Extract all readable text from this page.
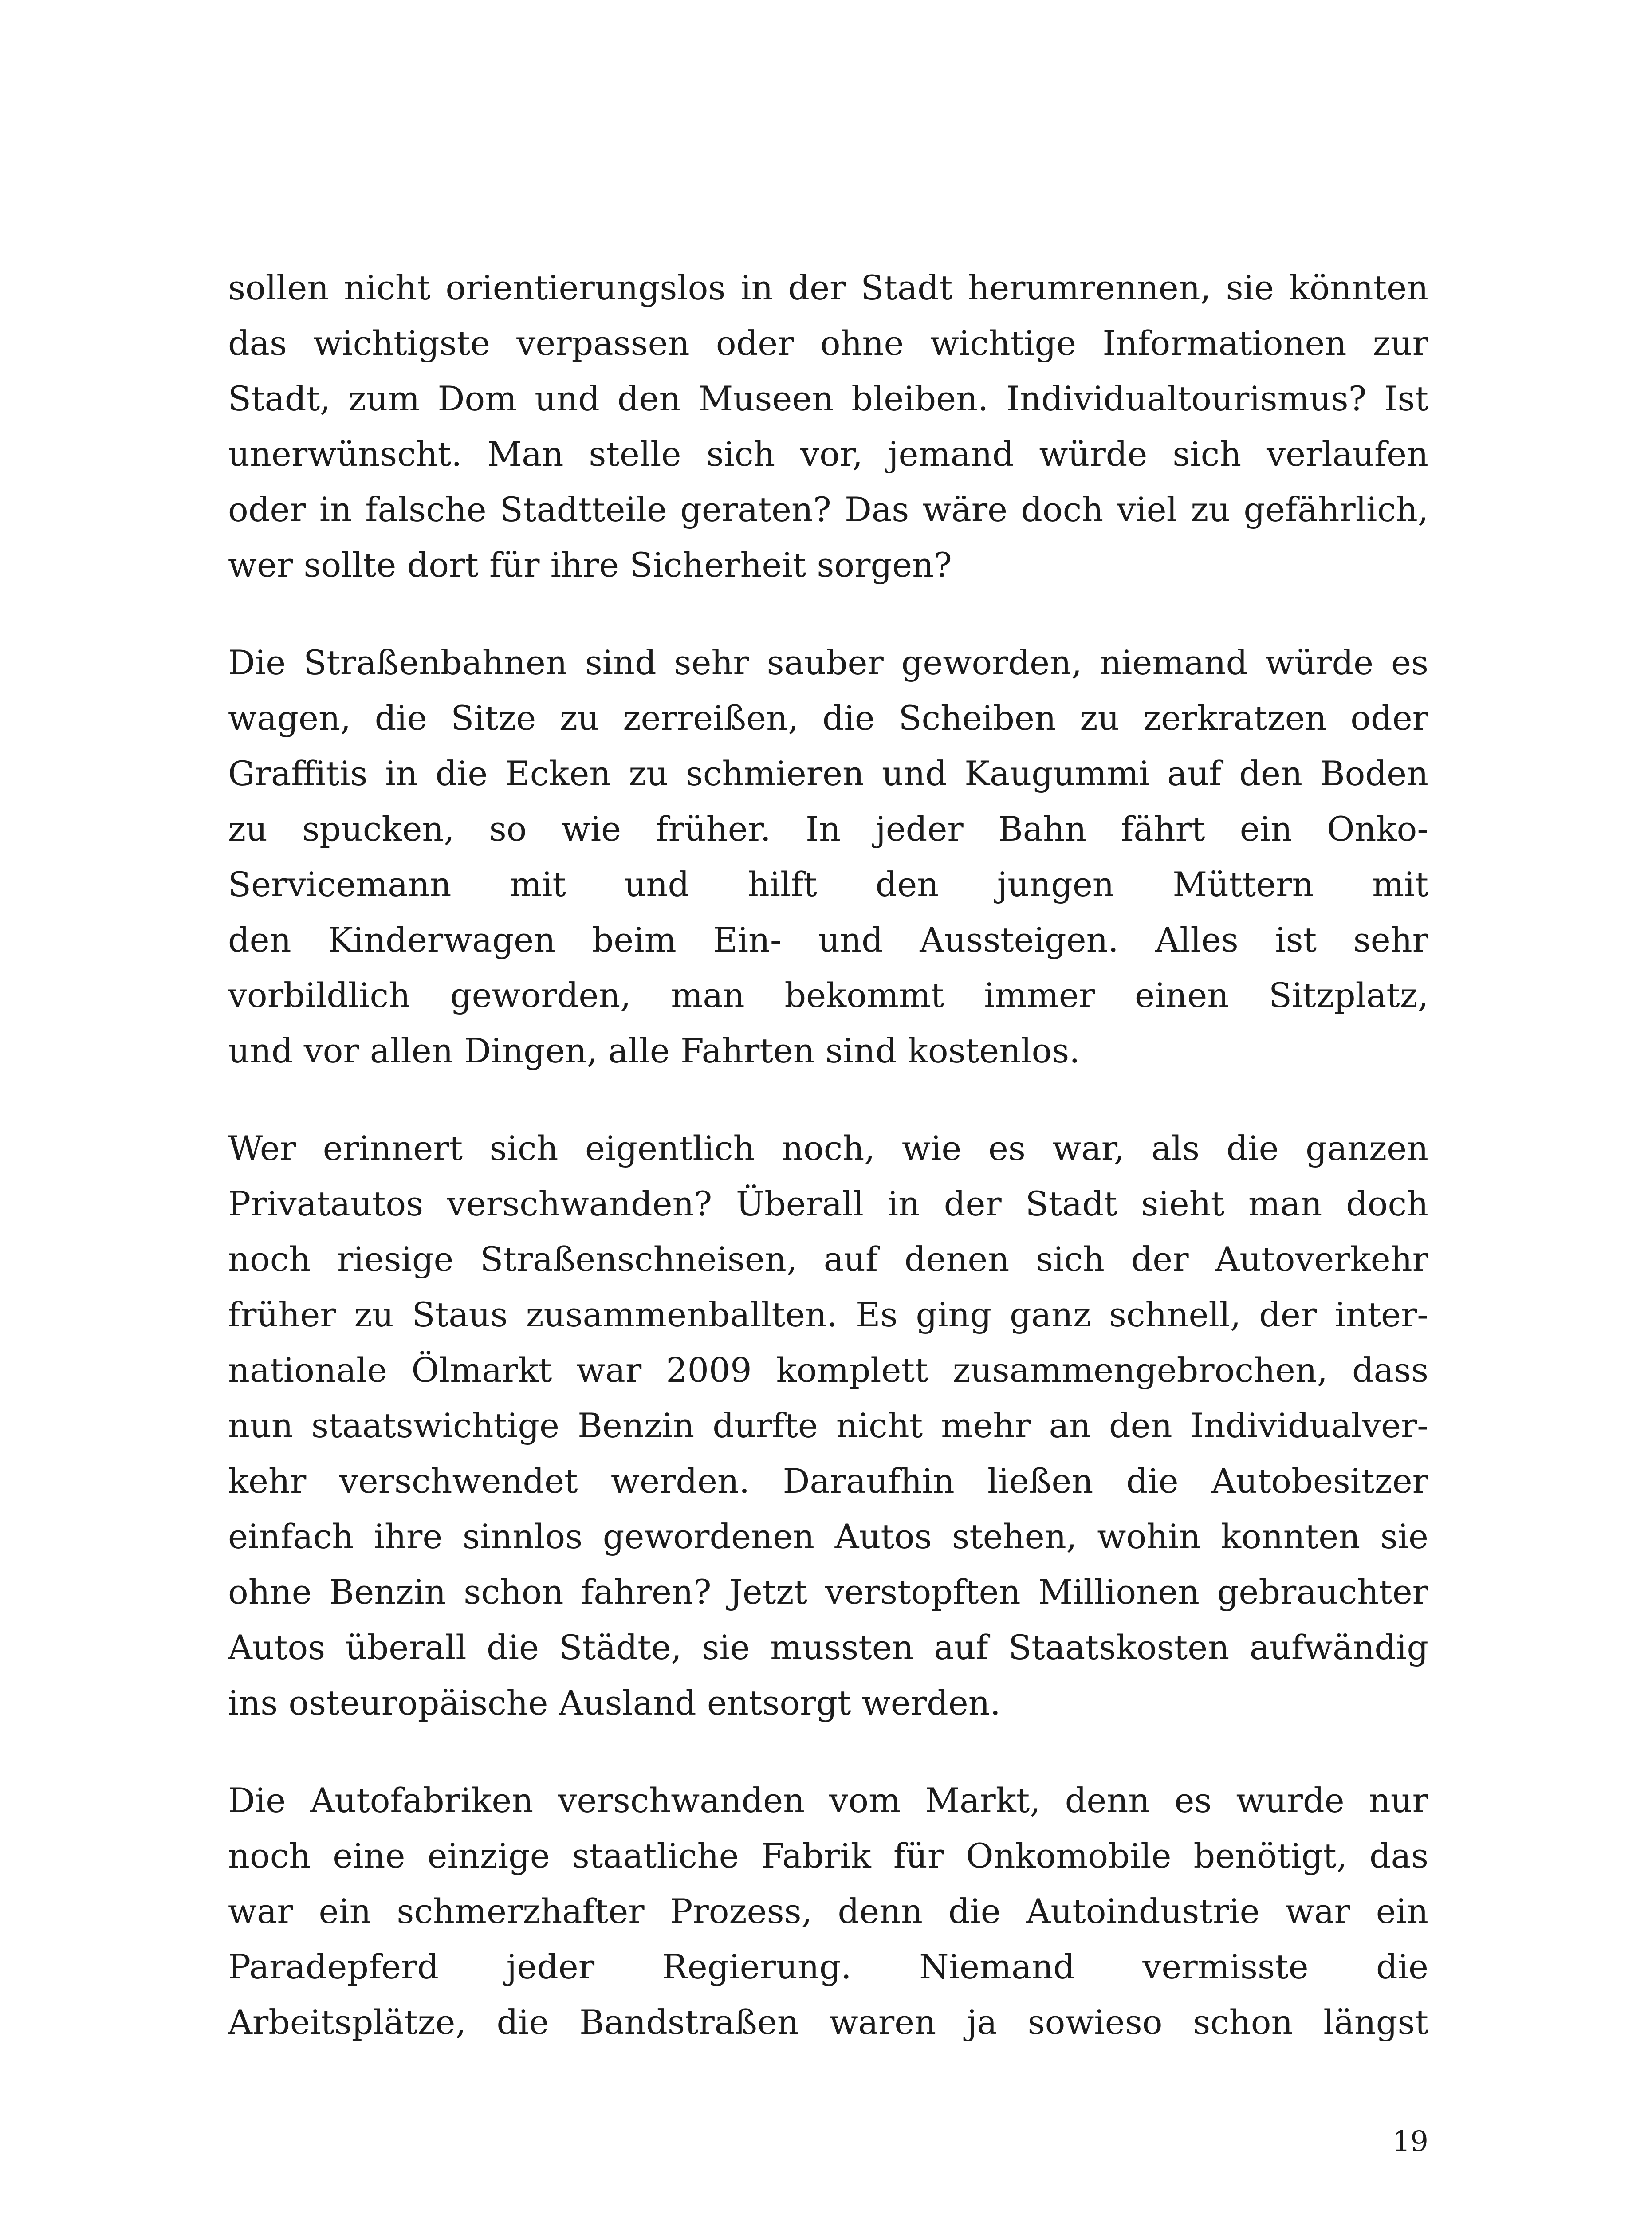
sollen nicht orientierungslos in der Stadt herumrennen, sie könnten
das wichtigste verpassen oder ohne wichtige Informationen zur
Stadt, zum Dom und den Museen bleiben. Individualtourismus? Ist
unerwünscht. Man stelle sich vor, jemand würde sich verlaufen
oder in falsche Stadtteile geraten? Das wäre doch viel zu gefährlich,
wer sollte dort für ihre Sicherheit sorgen?

Die Straßenbahnen sind sehr sauber geworden, niemand würde es
wagen, die Sitze zu zerreißen, die Scheiben zu zerkratzen oder
Graffitis in die Ecken zu schmieren und Kaugummi auf den Boden
zu spucken, so wie früher. In jeder Bahn fährt ein Onko-
Servicemann mit und hilft den jungen Müttern mit
den Kinderwagen beim Ein- und Aussteigen. Alles ist sehr
vorbildlich geworden, man bekommt immer einen Sitzplatz,
und vor allen Dingen, alle Fahrten sind kostenlos.

Wer erinnert sich eigentlich noch, wie es war, als die ganzen
Privatautos verschwanden? Überall in der Stadt sieht man doch
noch riesige Straßenschneisen, auf denen sich der Autoverkehr
früher zu Staus zusammenballten. Es ging ganz schnell, der inter-
nationale Ölmarkt war 2009 komplett zusammengebrochen, dass
nun staatswichtige Benzin durfte nicht mehr an den Individualver-
kehr verschwendet werden. Daraufhin ließen die Autobesitzer
einfach ihre sinnlos gewordenen Autos stehen, wohin konnten sie
ohne Benzin schon fahren? Jetzt verstopften Millionen gebrauchter
Autos überall die Städte, sie mussten auf Staatskosten aufwändig
ins osteuropäische Ausland entsorgt werden.

Die Autofabriken verschwanden vom Markt, denn es wurde nur
noch eine einzige staatliche Fabrik für Onkomobile benötigt, das
war ein schmerzhafter Prozess, denn die Autoindustrie war ein
Paradepferd jeder Regierung. Niemand vermisste die
Arbeitsplätze, die Bandstraßen waren ja sowieso schon längst

19
